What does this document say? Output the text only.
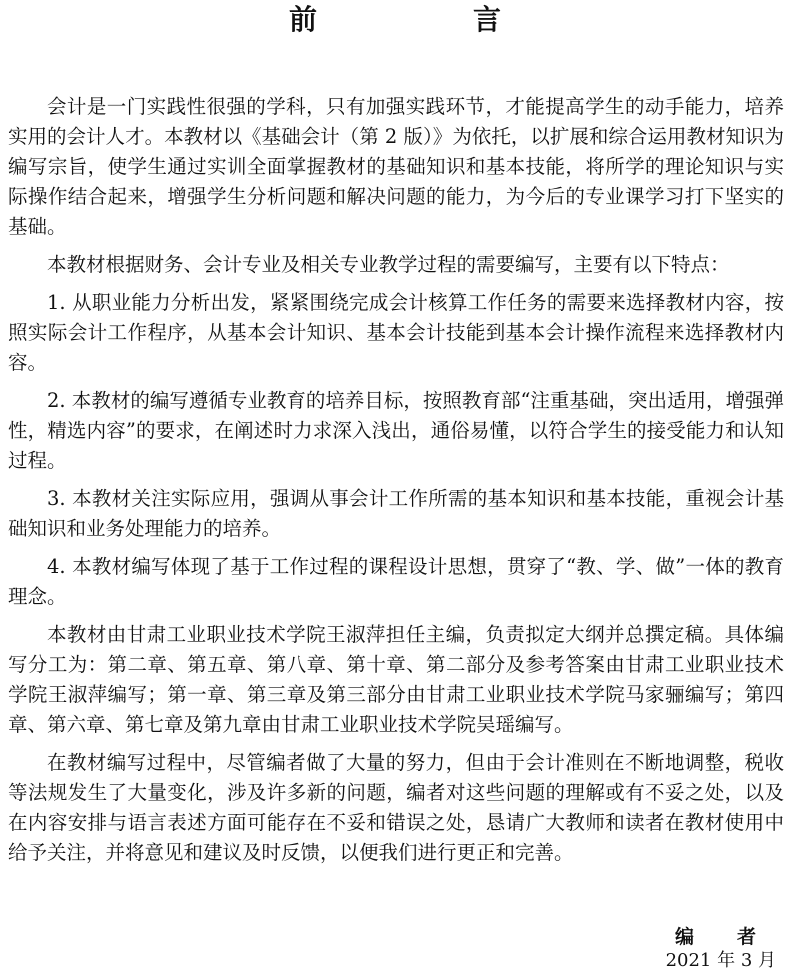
前　言

会计是一门实践性很强的学科，只有加强实践环节，才能提高学生的动手能力，培养实用的会计人才。本教材以《基础会计（第 2 版）》为依托，以扩展和综合运用教材知识为编写宗旨，使学生通过实训全面掌握教材的基础知识和基本技能，将所学的理论知识与实际操作结合起来，增强学生分析问题和解决问题的能力，为今后的专业课学习打下坚实的基础。

本教材根据财务、会计专业及相关专业教学过程的需要编写，主要有以下特点：

1. 从职业能力分析出发，紧紧围绕完成会计核算工作任务的需要来选择教材内容，按照实际会计工作程序，从基本会计知识、基本会计技能到基本会计操作流程来选择教材内容。

2. 本教材的编写遵循专业教育的培养目标，按照教育部“注重基础，突出适用，增强弹性，精选内容”的要求，在阐述时力求深入浅出，通俗易懂，以符合学生的接受能力和认知过程。

3. 本教材关注实际应用，强调从事会计工作所需的基本知识和基本技能，重视会计基础知识和业务处理能力的培养。

4. 本教材编写体现了基于工作过程的课程设计思想，贯穿了“教、学、做”一体的教育理念。

本教材由甘肃工业职业技术学院王淑萍担任主编，负责拟定大纲并总撰定稿。具体编写分工为：第二章、第五章、第八章、第十章、第二部分及参考答案由甘肃工业职业技术学院王淑萍编写；第一章、第三章及第三部分由甘肃工业职业技术学院马家骊编写；第四章、第六章、第七章及第九章由甘肃工业职业技术学院吴瑶编写。

在教材编写过程中，尽管编者做了大量的努力，但由于会计准则在不断地调整，税收等法规发生了大量变化，涉及许多新的问题，编者对这些问题的理解或有不妥之处，以及在内容安排与语言表述方面可能存在不妥和错误之处，恳请广大教师和读者在教材使用中给予关注，并将意见和建议及时反馈，以便我们进行更正和完善。

编　者
2021 年 3 月
